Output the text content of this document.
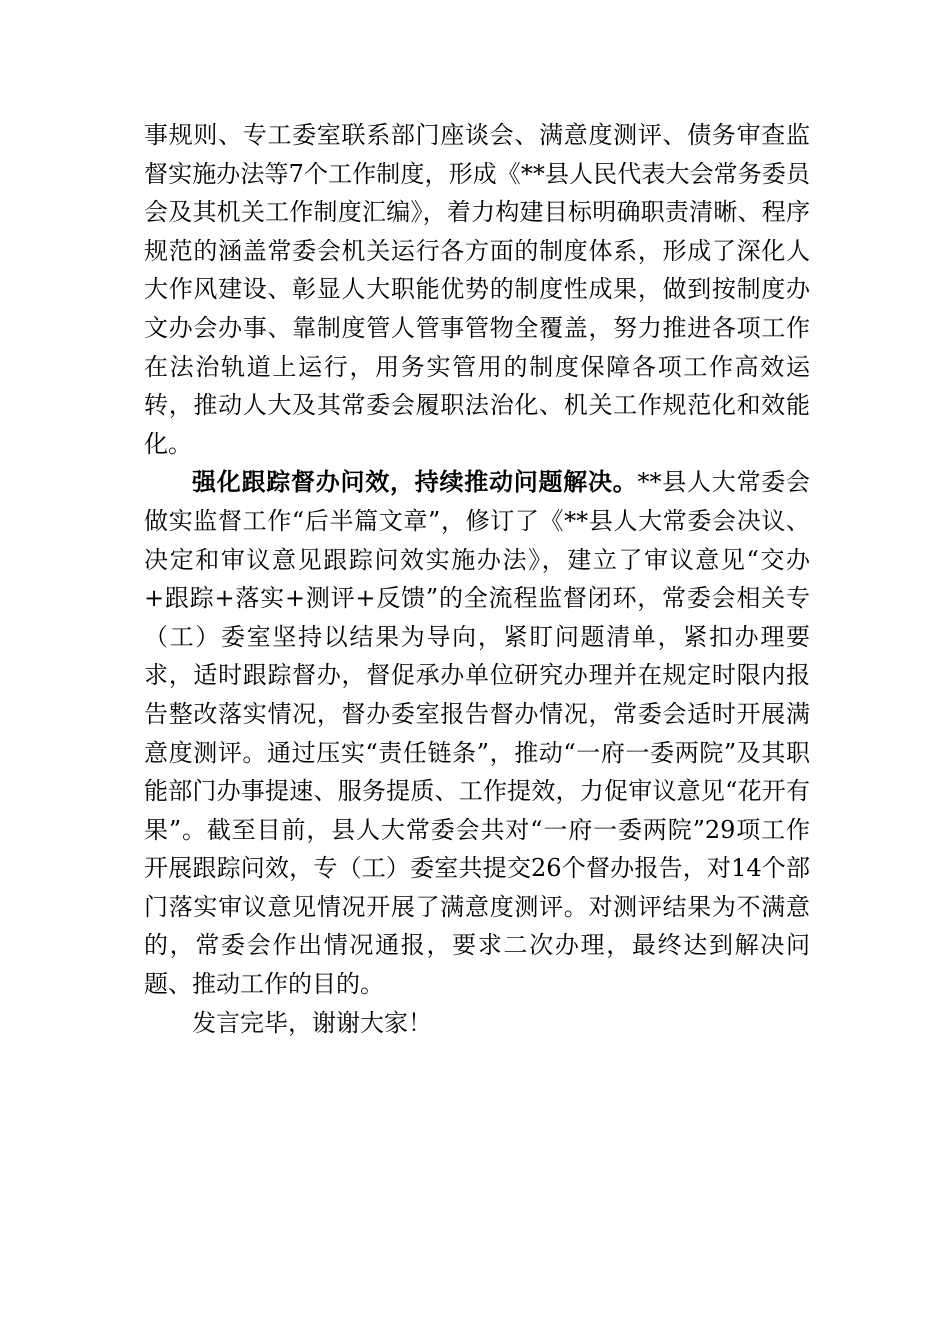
事规则、专工委室联系部门座谈会、满意度测评、债务审查监督实施办法等7个工作制度，形成《**县人民代表大会常务委员会及其机关工作制度汇编》，着力构建目标明确职责清晰、程序规范的涵盖常委会机关运行各方面的制度体系，形成了深化人大作风建设、彰显人大职能优势的制度性成果，做到按制度办文办会办事、靠制度管人管事管物全覆盖，努力推进各项工作在法治轨道上运行，用务实管用的制度保障各项工作高效运转，推动人大及其常委会履职法治化、机关工作规范化和效能化。

强化跟踪督办问效，持续推动问题解决。**县人大常委会做实监督工作“后半篇文章”，修订了《**县人大常委会决议、决定和审议意见跟踪问效实施办法》，建立了审议意见“交办+跟踪+落实+测评+反馈”的全流程监督闭环，常委会相关专（工）委室坚持以结果为导向，紧盯问题清单，紧扣办理要求，适时跟踪督办，督促承办单位研究办理并在规定时限内报告整改落实情况，督办委室报告督办情况，常委会适时开展满意度测评。通过压实“责任链条”，推动“一府一委两院”及其职能部门办事提速、服务提质、工作提效，力促审议意见“花开有果”。截至目前，县人大常委会共对“一府一委两院”29项工作开展跟踪问效，专（工）委室共提交26个督办报告，对14个部门落实审议意见情况开展了满意度测评。对测评结果为不满意的，常委会作出情况通报，要求二次办理，最终达到解决问题、推动工作的目的。

发言完毕，谢谢大家！
